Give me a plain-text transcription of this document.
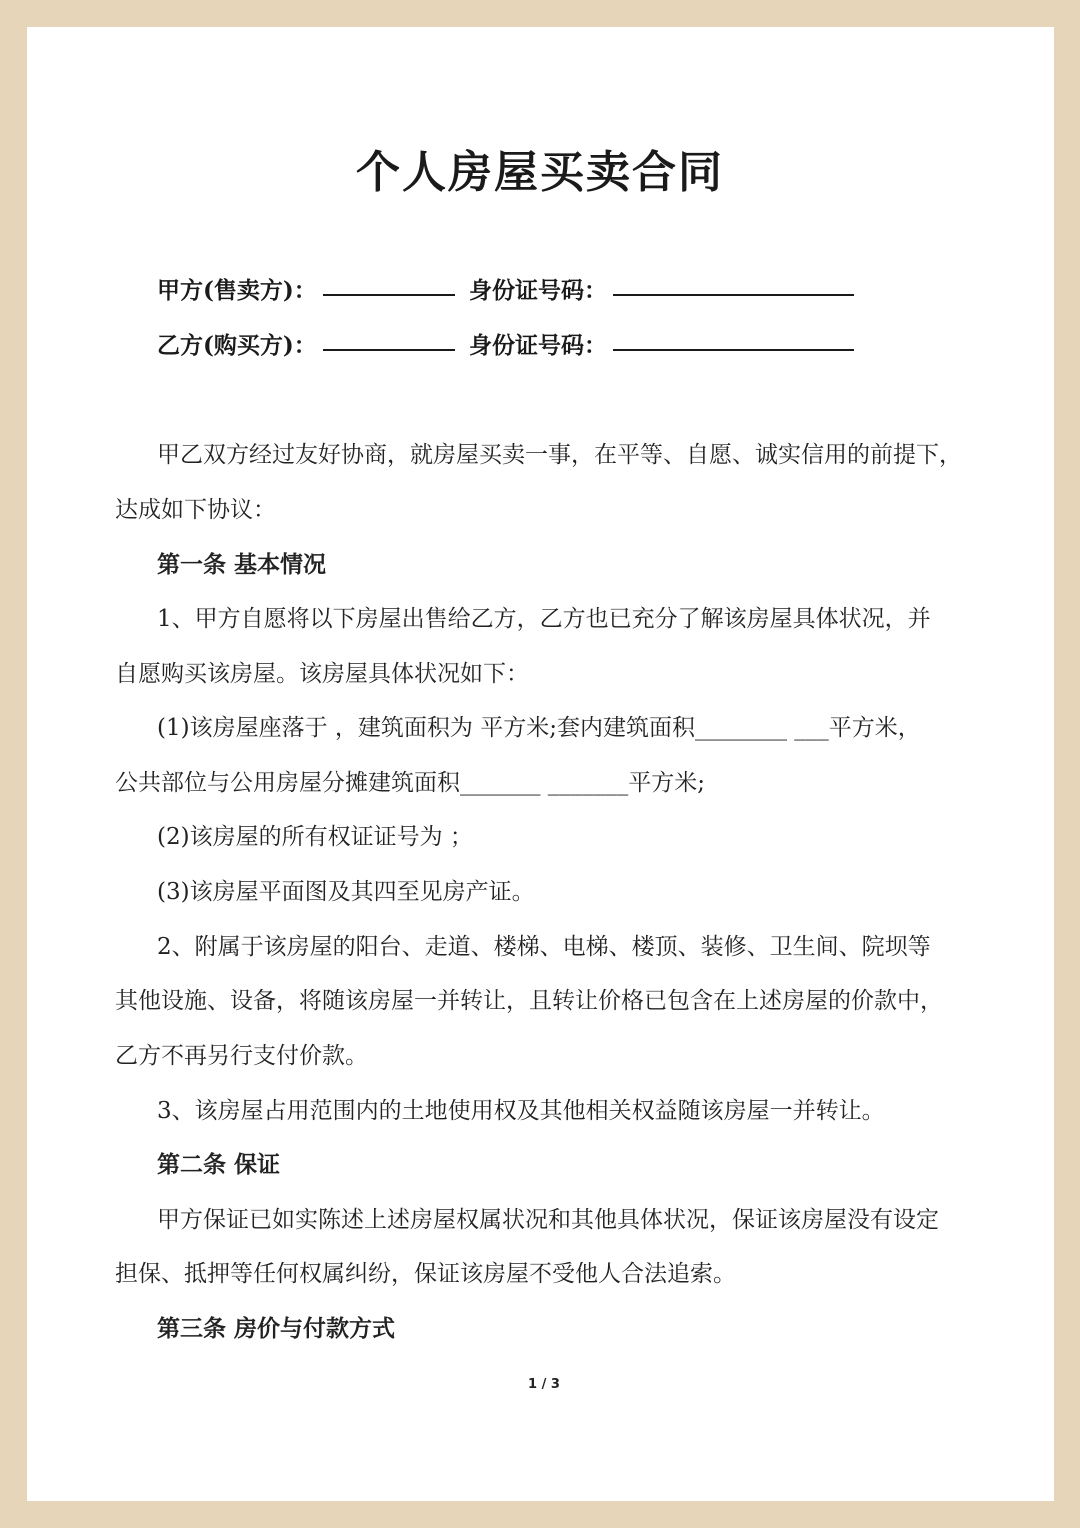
个人房屋买卖合同
甲方(售卖方)：	身份证号码：
乙方(购买方)：	身份证号码：
甲乙双方经过友好协商，就房屋买卖一事，在平等、自愿、诚实信用的前提下，
达成如下协议：
第一条 基本情况
1、甲方自愿将以下房屋出售给乙方，乙方也已充分了解该房屋具体状况，并
自愿购买该房屋。该房屋具体状况如下：
(1)该房屋座落于 ，建筑面积为 平方米;套内建筑面积________ ___平方米，
公共部位与公用房屋分摊建筑面积_______ _______平方米;
(2)该房屋的所有权证证号为 ；
(3)该房屋平面图及其四至见房产证。
2、附属于该房屋的阳台、走道、楼梯、电梯、楼顶、装修、卫生间、院坝等
其他设施、设备，将随该房屋一并转让，且转让价格已包含在上述房屋的价款中，
乙方不再另行支付价款。
3、该房屋占用范围内的土地使用权及其他相关权益随该房屋一并转让。
第二条 保证
甲方保证已如实陈述上述房屋权属状况和其他具体状况，保证该房屋没有设定
担保、抵押等任何权属纠纷，保证该房屋不受他人合法追索。
第三条 房价与付款方式
1 / 3
